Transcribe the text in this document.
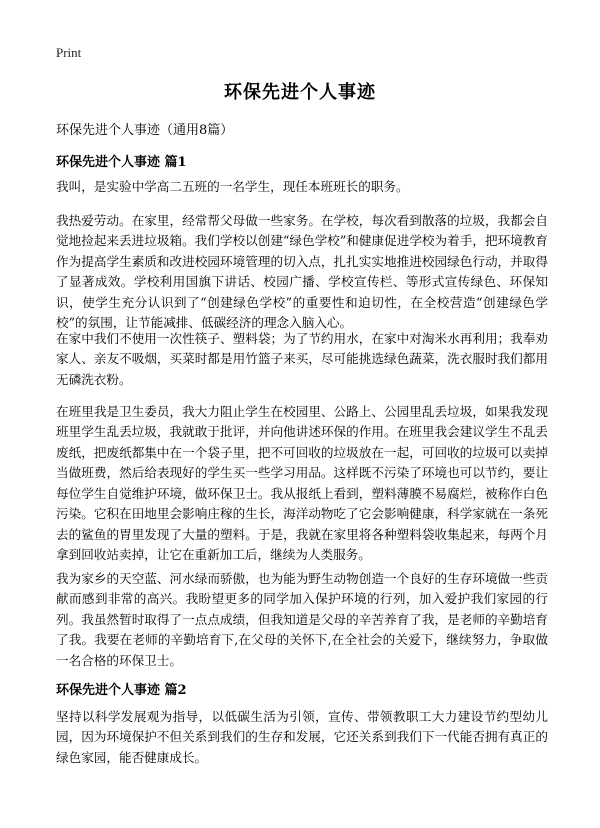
Print
环保先进个人事迹
环保先进个人事迹（通用8篇）
环保先进个人事迹 篇1

我叫，是实验中学高二五班的一名学生，现任本班班长的职务。

我热爱劳动。在家里，经常帮父母做一些家务。在学校，每次看到散落的垃圾，我都会自觉地捡起来丢进垃圾箱。我们学校以创建“绿色学校”和健康促进学校为着手，把环境教育作为提高学生素质和改进校园环境管理的切入点，扎扎实实地推进校园绿色行动，并取得了显著成效。学校利用国旗下讲话、校园广播、学校宣传栏、等形式宣传绿色、环保知识，使学生充分认识到了“创建绿色学校”的重要性和迫切性，在全校营造“创建绿色学校”的氛围，让节能减排、低碳经济的理念入脑入心。

在家中我们不使用一次性筷子、塑料袋；为了节约用水，在家中对淘米水再利用；我奉劝家人、亲友不吸烟，买菜时都是用竹篮子来买，尽可能挑选绿色蔬菜，洗衣服时我们都用无磷洗衣粉。

在班里我是卫生委员，我大力阻止学生在校园里、公路上、公园里乱丢垃圾，如果我发现班里学生乱丢垃圾，我就敢于批评，并向他讲述环保的作用。在班里我会建议学生不乱丢废纸，把废纸都集中在一个袋子里，把不可回收的垃圾放在一起，可回收的垃圾可以卖掉当做班费，然后给表现好的学生买一些学习用品。这样既不污染了环境也可以节约，要让每位学生自觉维护环境，做环保卫士。我从报纸上看到，塑料薄膜不易腐烂，被称作白色污染。它积在田地里会影响庄稼的生长，海洋动物吃了它会影响健康，科学家就在一条死去的鲨鱼的胃里发现了大量的塑料。于是，我就在家里将各种塑料袋收集起来，每两个月拿到回收站卖掉，让它在重新加工后，继续为人类服务。

我为家乡的天空蓝、河水绿而骄傲，也为能为野生动物创造一个良好的生存环境做一些贡献而感到非常的高兴。我盼望更多的同学加入保护环境的行列，加入爱护我们家园的行列。我虽然暂时取得了一点点成绩，但我知道是父母的辛苦养育了我，是老师的辛勤培育了我。我要在老师的辛勤培育下,在父母的关怀下,在全社会的关爱下，继续努力，争取做一名合格的环保卫士。

环保先进个人事迹 篇2

坚持以科学发展观为指导，以低碳生活为引领，宣传、带领教职工大力建设节约型幼儿园，因为环境保护不但关系到我们的生存和发展，它还关系到我们下一代能否拥有真正的绿色家园，能否健康成长。
